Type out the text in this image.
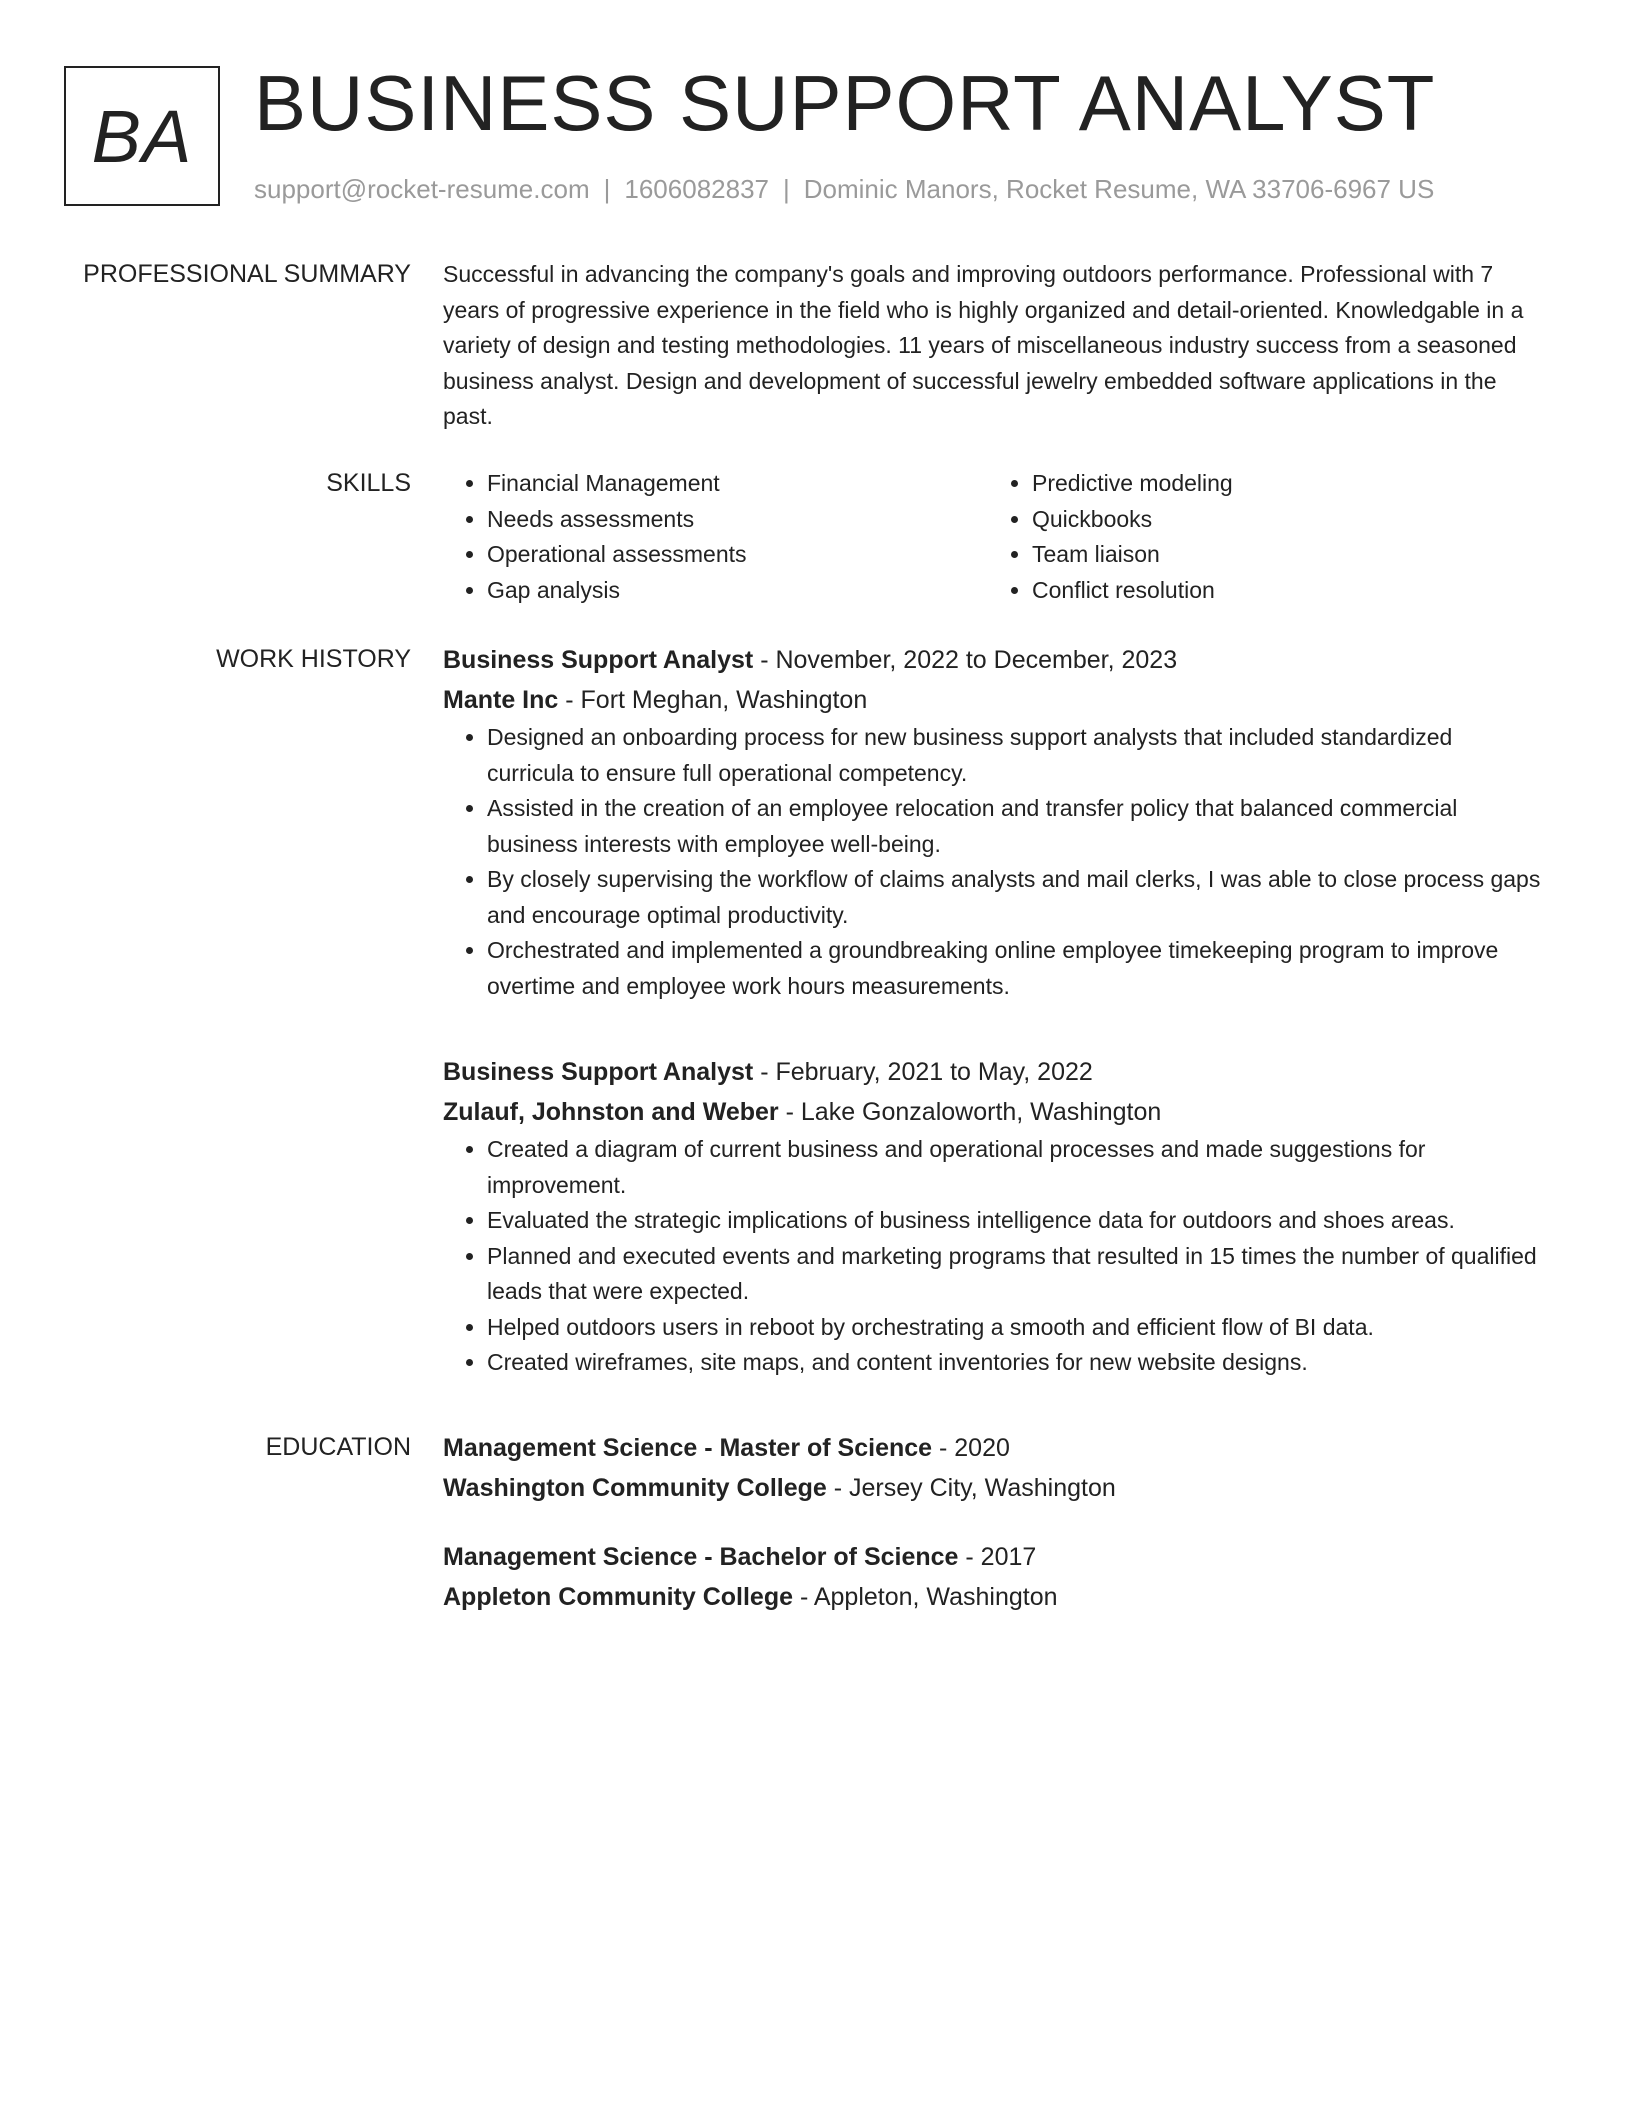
BA BUSINESS SUPPORT ANALYST
support@rocket-resume.com | 1606082837 | Dominic Manors, Rocket Resume, WA 33706-6967 US
PROFESSIONAL SUMMARY Successful in advancing the company's goals and improving outdoors performance. Professional with 7 years of progressive experience in the field who is highly organized and detail-oriented. Knowledgable in a variety of design and testing methodologies. 11 years of miscellaneous industry success from a seasoned business analyst. Design and development of successful jewelry embedded software applications in the past.

SKILLS
•	Financial Management
• Needs assessments
• Operational assessments
• Gap analysis
• Predictive modeling
• Quickbooks
• Team liaison
• Conflict resolution
WORK HISTORY Business Support Analyst - November, 2022 to December, 2023
Mante Inc - Fort Meghan, Washington
• Designed an onboarding process for new business support analysts that included standardized curricula to ensure full operational competency.
• Assisted in the creation of an employee relocation and transfer policy that balanced commercial business interests with employee well-being.
• By closely supervising the workflow of claims analysts and mail clerks, I was able to close process gaps and encourage optimal productivity.
• Orchestrated and implemented a groundbreaking online employee timekeeping program to improve overtime and employee work hours measurements.
Business Support Analyst - February, 2021 to May, 2022
Zulauf, Johnston and Weber - Lake Gonzaloworth, Washington
• Created a diagram of current business and operational processes and made suggestions for improvement.
• Evaluated the strategic implications of business intelligence data for outdoors and shoes areas.
• Planned and executed events and marketing programs that resulted in 15 times the number of qualified leads that were expected.
• Helped outdoors users in reboot by orchestrating a smooth and efficient flow of BI data.
• Created wireframes, site maps, and content inventories for new website designs.
EDUCATION Management Science - Master of Science - 2020
Washington Community College - Jersey City, Washington
Management Science - Bachelor of Science - 2017
Appleton Community College - Appleton, Washington
